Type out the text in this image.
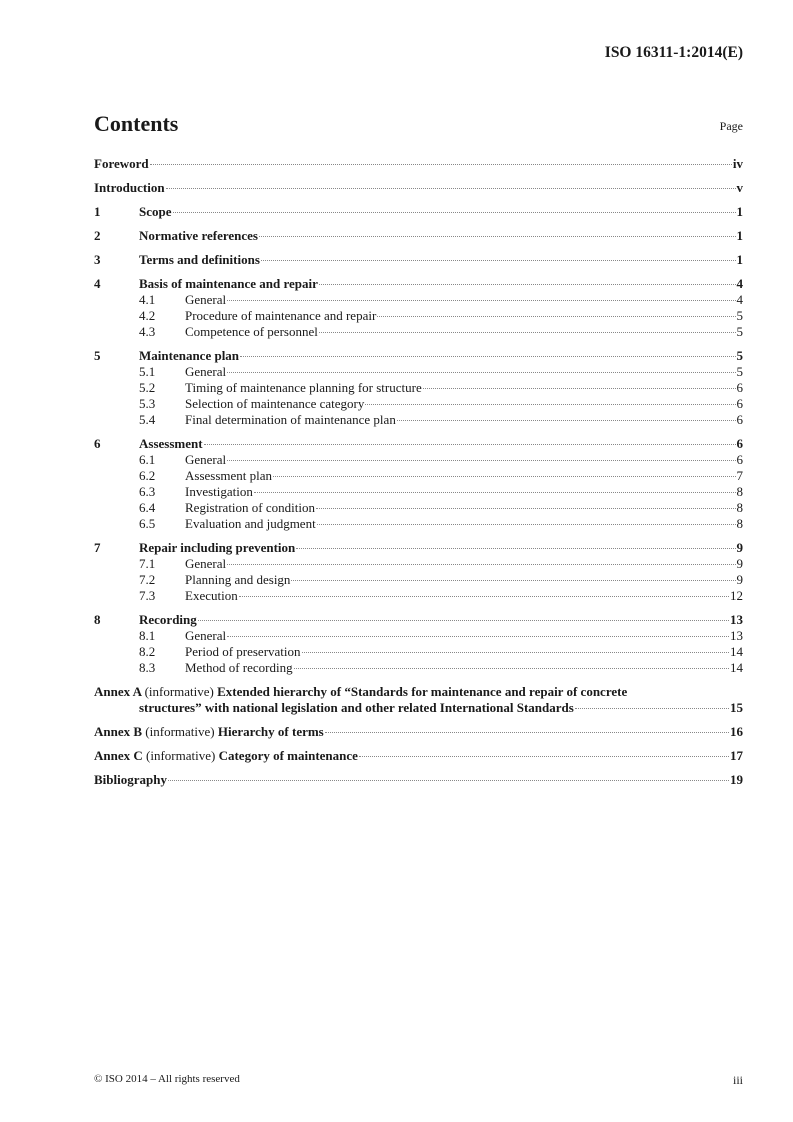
ISO 16311-1:2014(E)
Contents	Page
Foreword	iv
Introduction	v
1	Scope	1
2	Normative references	1
3	Terms and definitions	1
4	Basis of maintenance and repair	4
4.1	General	4
4.2	Procedure of maintenance and repair	5
4.3	Competence of personnel	5
5	Maintenance plan	5
5.1	General	5
5.2	Timing of maintenance planning for structure	6
5.3	Selection of maintenance category	6
5.4	Final determination of maintenance plan	6
6	Assessment	6
6.1	General	6
6.2	Assessment plan	7
6.3	Investigation	8
6.4	Registration of condition	8
6.5	Evaluation and judgment	8
7	Repair including prevention	9
7.1	General	9
7.2	Planning and design	9
7.3	Execution	12
8	Recording	13
8.1	General	13
8.2	Period of preservation	14
8.3	Method of recording	14
Annex A (informative) Extended hierarchy of “Standards for maintenance and repair of concrete
structures” with national legislation and other related International Standards	15
Annex B (informative) Hierarchy of terms	16
Annex C (informative) Category of maintenance	17
Bibliography	19
© ISO 2014 – All rights reserved	iii
